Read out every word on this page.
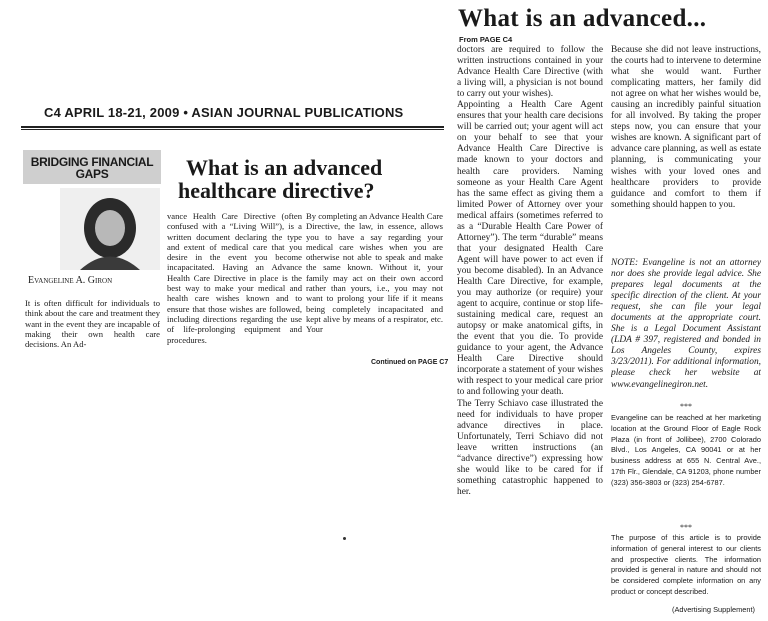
C4 APRIL 18-21, 2009 • ASIAN JOURNAL PUBLICATIONS
BRIDGING FINANCIAL GAPS
Evangeline A. Giron
What is an advanced
healthcare directive?
It is often difficult for individuals to think about the care and treatment they want in the event they are incapable of making their own health care decisions. An Ad-
vance Health Care Directive (often confused with a “Living Will”), is a written document declaring the type and extent of medical care that you desire in the event you become incapacitated. Having an Advance Health Care Directive in place is the best way to make your medical and health care wishes known and to ensure that those wishes are followed, including directions regarding the use of life-prolonging equipment and procedures.
By completing an Advance Health Care Directive, the law, in essence, allows you to have a say regarding your medical care wishes when you are otherwise not able to speak and make the same known. Without it, your family may act on their own accord rather than yours, i.e., you may not want to prolong your life if it means being completely incapacitated and kept alive by means of a respirator, etc. Your
Continued on PAGE C7
What is an advanced...
From PAGE C4
doctors are required to follow the written instructions contained in your Advance Health Care Directive (with a living will, a physician is not bound to carry out your wishes).
Appointing a Health Care Agent ensures that your health care decisions will be carried out; your agent will act on your behalf to see that your Advance Health Care Directive is made known to your doctors and health care providers. Naming someone as your Health Care Agent has the same effect as giving them a limited Power of Attorney over your medical affairs (sometimes referred to as a “Durable Health Care Power of Attorney”). The term “durable” means that your designated Health Care Agent will have power to act even if you become disabled). In an Advance Health Care Directive, for example, you may authorize (or require) your agent to acquire, continue or stop life-sustaining medical care, request an autopsy or make anatomical gifts, in the event that you die. To provide guidance to your agent, the Advance Health Care Directive should incorporate a statement of your wishes with respect to your medical care prior to and following your death.
The Terry Schiavo case illustrated the need for individuals to have proper advance directives in place. Unfortunately, Terri Schiavo did not leave written instructions (an “advance directive”) expressing how she would like to be cared for if something catastrophic happened to her.
Because she did not leave instructions, the courts had to intervene to determine what she would want. Further complicating matters, her family did not agree on what her wishes would be, causing an incredibly painful situation for all involved. By taking the proper steps now, you can ensure that your wishes are known. A significant part of advance care planning, as well as estate planning, is communicating your wishes with your loved ones and healthcare providers to provide guidance and comfort to them if something should happen to you.
NOTE: Evangeline is not an attorney nor does she provide legal advice. She prepares legal documents at the specific direction of the client. At your request, she can file your legal documents at the appropriate court. She is a Legal Document Assistant (LDA # 397, registered and bonded in Los Angeles County, expires 3/23/2011). For additional information, please check her website at www.evangelinegiron.net.
***
Evangeline can be reached at her marketing location at the Ground Floor of Eagle Rock Plaza (in front of Jollibee), 2700 Colorado Blvd., Los Angeles, CA 90041 or at her business address at 655 N. Central Ave., 17th Flr., Glendale, CA 91203, phone number (323) 356-3803 or (323) 254-6787.
***
The purpose of this article is to provide information of general interest to our clients and prospective clients. The information provided is general in nature and should not be considered complete information on any product or concept described.
(Advertising Supplement)
